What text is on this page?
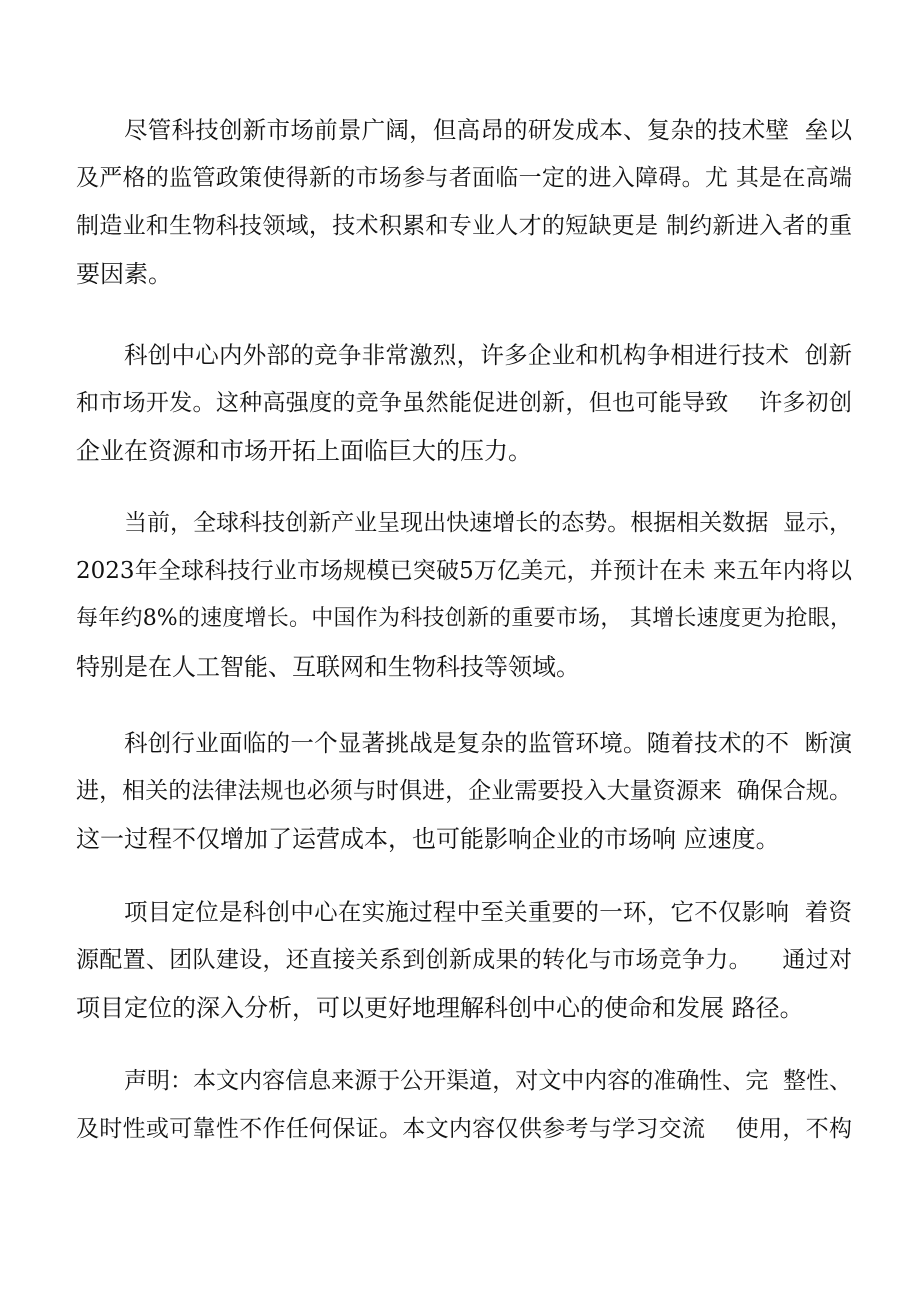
尽管科技创新市场前景广阔，但高昂的研发成本、复杂的技术壁  垒以
及严格的监管政策使得新的市场参与者面临一定的进入障碍。尤 其是在高端
制造业和生物科技领域，技术积累和专业人才的短缺更是 制约新进入者的重
要因素。
科创中心内外部的竞争非常激烈，许多企业和机构争相进行技术  创新
和市场开发。这种高强度的竞争虽然能促进创新，但也可能导致    许多初创
企业在资源和市场开拓上面临巨大的压力。
当前，全球科技创新产业呈现出快速增长的态势。根据相关数据  显示，
2023年全球科技行业市场规模已突破5万亿美元，并预计在未 来五年内将以
每年约8%的速度增长。中国作为科技创新的重要市场， 其增长速度更为抢眼，
特别是在人工智能、互联网和生物科技等领域。
科创行业面临的一个显著挑战是复杂的监管环境。随着技术的不  断演
进，相关的法律法规也必须与时俱进，企业需要投入大量资源来  确保合规。
这一过程不仅增加了运营成本，也可能影响企业的市场响 应速度。
项目定位是科创中心在实施过程中至关重要的一环，它不仅影响  着资
源配置、团队建设，还直接关系到创新成果的转化与市场竞争力。    通过对
项目定位的深入分析，可以更好地理解科创中心的使命和发展 路径。
声明：本文内容信息来源于公开渠道，对文中内容的准确性、完  整性、
及时性或可靠性不作任何保证。本文内容仅供参考与学习交流    使用，不构
